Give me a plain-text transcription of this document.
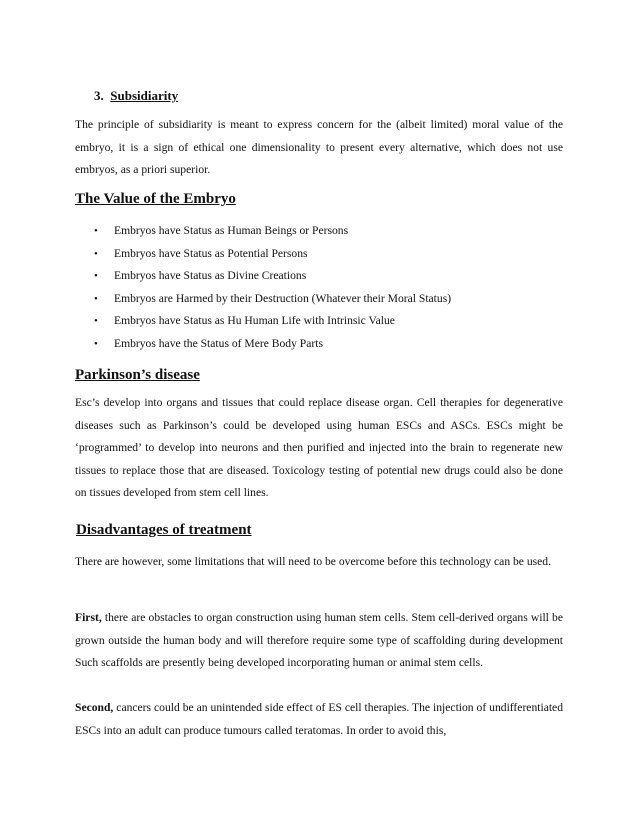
3. Subsidiarity

The principle of subsidiarity is meant to express concern for the (albeit limited) moral value of the embryo, it is a sign of ethical one dimensionality to present every alternative, which does not use embryos, as a priori superior.

The Value of the Embryo

• Embryos have Status as Human Beings or Persons
• Embryos have Status as Potential Persons
• Embryos have Status as Divine Creations
• Embryos are Harmed by their Destruction (Whatever their Moral Status)
• Embryos have Status as Hu Human Life with Intrinsic Value
• Embryos have the Status of Mere Body Parts

Parkinson’s disease

Esc’s develop into organs and tissues that could replace disease organ. Cell therapies for degenerative diseases such as Parkinson’s could be developed using human ESCs and ASCs. ESCs might be ‘programmed’ to develop into neurons and then purified and injected into the brain to regenerate new tissues to replace those that are diseased. Toxicology testing of potential new drugs could also be done on tissues developed from stem cell lines.

Disadvantages of treatment

There are however, some limitations that will need to be overcome before this technology can be used.

First, there are obstacles to organ construction using human stem cells. Stem cell-derived organs will be grown outside the human body and will therefore require some type of scaffolding during development Such scaffolds are presently being developed incorporating human or animal stem cells.

Second, cancers could be an unintended side effect of ES cell therapies. The injection of undifferentiated ESCs into an adult can produce tumours called teratomas. In order to avoid this,
